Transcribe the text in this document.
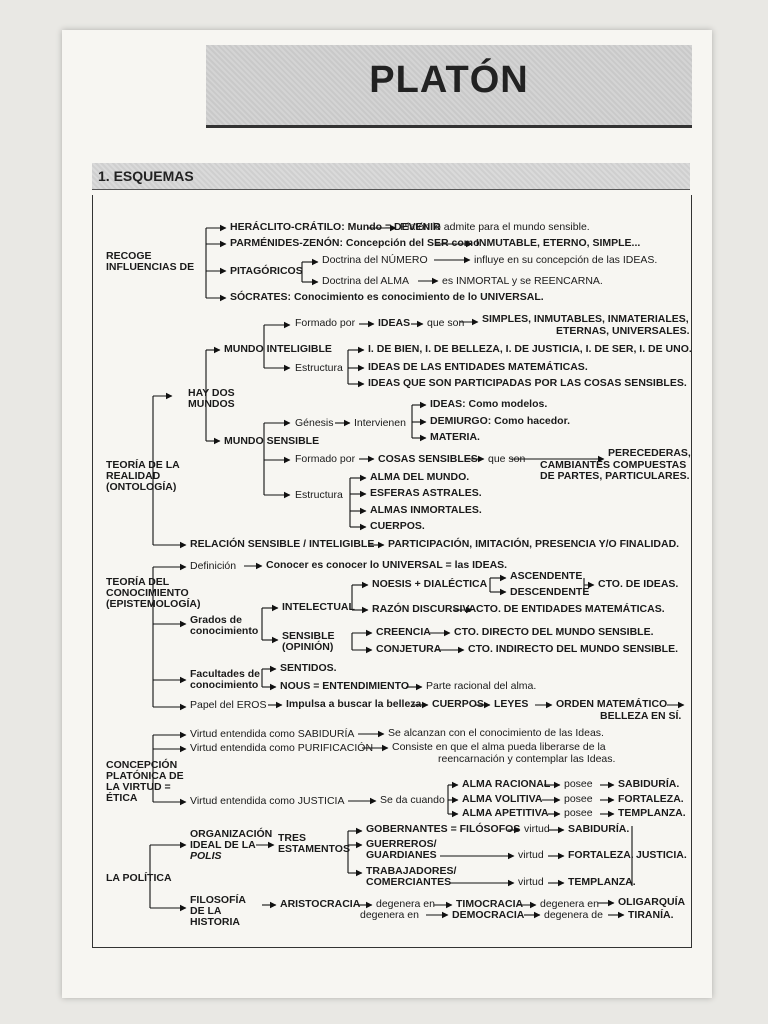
PLATÓN
1. ESQUEMAS
RECOGE INFLUENCIAS DE
HERÁCLITO-CRÁTILO: Mundo = DEVENIR
Platón lo admite para el mundo sensible.
PARMÉNIDES-ZENÓN: Concepción del SER como
INMUTABLE, ETERNO, SIMPLE...
PITAGÓRICOS
Doctrina del NÚMERO	influye en su concepción de las IDEAS.
Doctrina del ALMA	es INMORTAL y se REENCARNA.
SÓCRATES: Conocimiento es conocimiento de lo UNIVERSAL.
TEORÍA DE LA REALIDAD (ONTOLOGÍA)
HAY DOS MUNDOS
MUNDO INTELIGIBLE
Formado por IDEAS que son SIMPLES, INMUTABLES, INMATERIALES,
ETERNAS, UNIVERSALES.
Estructura
I. DE BIEN, I. DE BELLEZA, I. DE JUSTICIA, I. DE SER, I. DE UNO.
IDEAS DE LAS ENTIDADES MATEMÁTICAS.
IDEAS QUE SON PARTICIPADAS POR LAS COSAS SENSIBLES.
MUNDO SENSIBLE
Génesis Intervienen
IDEAS: Como modelos.
DEMIURGO: Como hacedor.
MATERIA.
Formado por COSAS SENSIBLES que son	PERECEDERAS,
CAMBIANTES COMPUESTAS
DE PARTES, PARTICULARES.
Estructura
ALMA DEL MUNDO.
ESFERAS ASTRALES.
ALMAS INMORTALES.
CUERPOS.
RELACIÓN SENSIBLE / INTELIGIBLE PARTICIPACIÓN, IMITACIÓN, PRESENCIA Y/O FINALIDAD.
TEORÍA DEL CONOCIMIENTO (EPISTEMOLOGÍA)
Definición	Conocer es conocer lo UNIVERSAL = las IDEAS.
Grados de conocimiento
INTELECTUAL
NOESIS + DIALÉCTICA
ASCENDENTE
DESCENDENTE
CTO. DE IDEAS.
RAZÓN DISCURSIVA CTO. DE ENTIDADES MATEMÁTICAS.
SENSIBLE (OPINIÓN)
CREENCIA CTO. DIRECTO DEL MUNDO SENSIBLE.
CONJETURA	CTO. INDIRECTO DEL MUNDO SENSIBLE.
Facultades de conocimiento
SENTIDOS.
NOUS = ENTENDIMIENTO Parte racional del alma.
Papel del EROS Impulsa a buscar la belleza CUERPOS LEYES	ORDEN MATEMÁTICO
BELLEZA EN SÍ.
CONCEPCIÓN PLATÓNICA DE LA VIRTUD = ÉTICA
Virtud entendida como SABIDURÍA	Se alcanzan con el conocimiento de las Ideas.
Virtud entendida como PURIFICACIÓN Consiste en que el alma pueda liberarse de la
reencarnación y contemplar las Ideas.
Virtud entendida como JUSTICIA	Se da cuando
ALMA RACIONAL posee SABIDURÍA.
ALMA VOLITIVA posee FORTALEZA.
ALMA APETITIVA posee TEMPLANZA.
LA POLÍTICA
ORGANIZACIÓN IDEAL DE LA
POLIS
TRES ESTAMENTOS
GOBERNANTES = FILÓSOFOS virtud SABIDURÍA.
GUERREROS/ GUARDIANES	virtud FORTALEZA.
TRABAJADORES/ COMERCIANTES	virtud TEMPLANZA.
JUSTICIA.
FILOSOFÍA DE LA HISTORIA
ARISTOCRACIA degenera en TIMOCRACIA degenera en OLIGARQUÍA
degenera en	DEMOCRACIA degenera de TIRANÍA.
